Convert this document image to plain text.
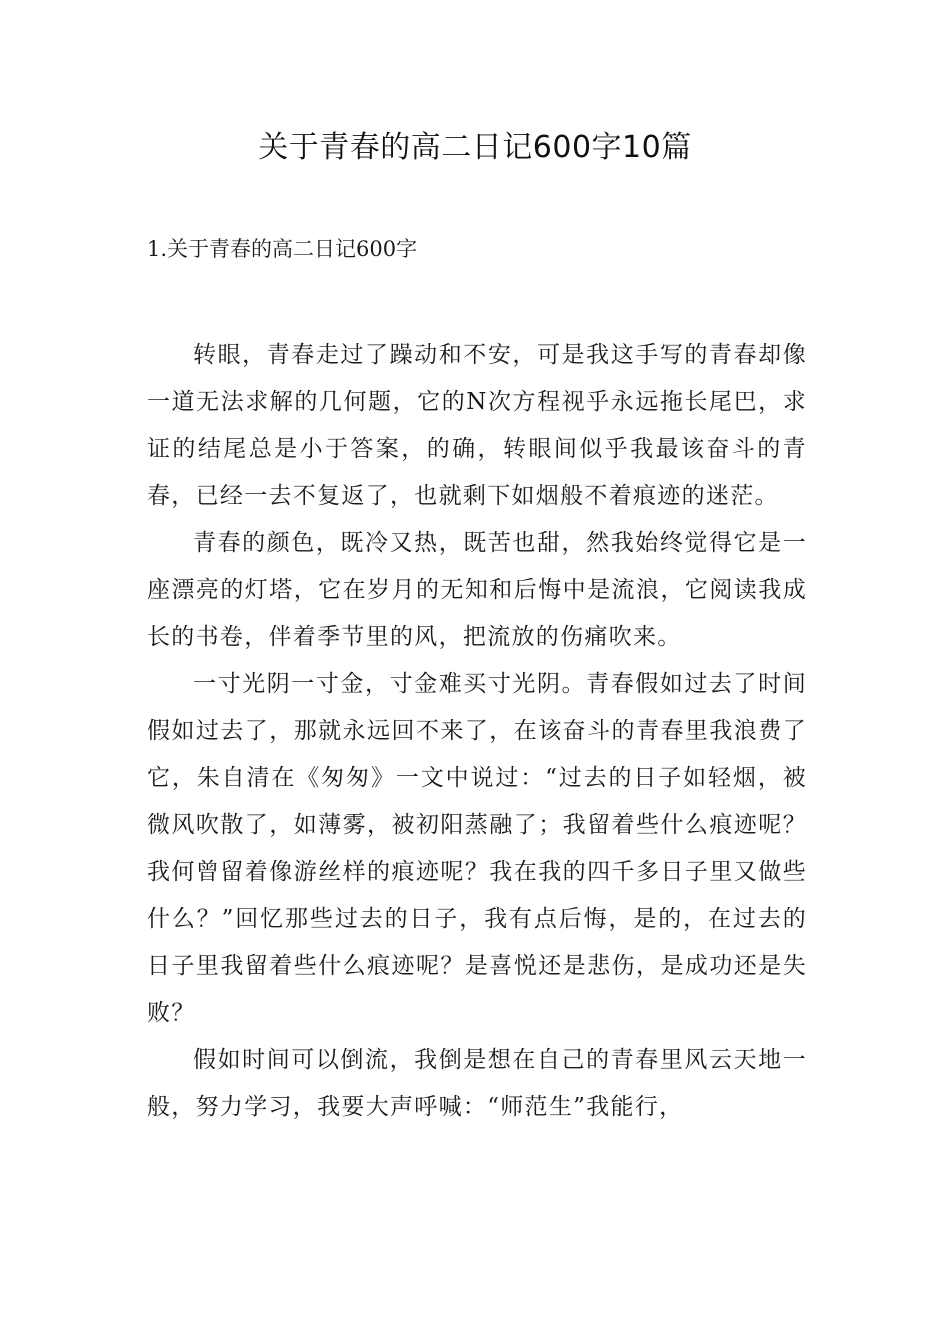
关于青春的高二日记600字10篇
1.关于青春的高二日记600字

转眼，青春走过了躁动和不安，可是我这手写的青春却像一道无法求解的几何题，它的N次方程视乎永远拖长尾巴，求证的结尾总是小于答案，的确，转眼间似乎我最该奋斗的青春，已经一去不复返了，也就剩下如烟般不着痕迹的迷茫。

青春的颜色，既冷又热，既苦也甜，然我始终觉得它是一座漂亮的灯塔，它在岁月的无知和后悔中是流浪，它阅读我成长的书卷，伴着季节里的风，把流放的伤痛吹来。

一寸光阴一寸金，寸金难买寸光阴。青春假如过去了时间假如过去了，那就永远回不来了，在该奋斗的青春里我浪费了它，朱自清在《匆匆》一文中说过：“过去的日子如轻烟，被微风吹散了，如薄雾，被初阳蒸融了；我留着些什么痕迹呢？我何曾留着像游丝样的痕迹呢？我在我的四千多日子里又做些什么？”回忆那些过去的日子，我有点后悔，是的，在过去的日子里我留着些什么痕迹呢？是喜悦还是悲伤，是成功还是失败？

假如时间可以倒流，我倒是想在自己的青春里风云天地一般，努力学习，我要大声呼喊：“师范生”我能行，
